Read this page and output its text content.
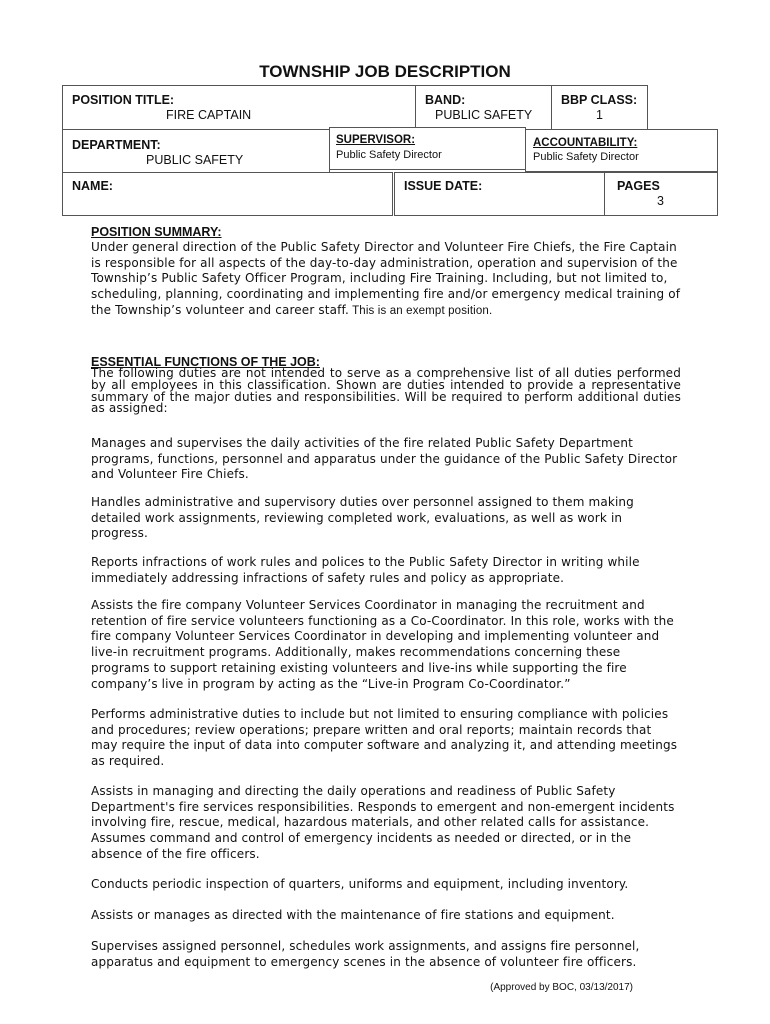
TOWNSHIP JOB DESCRIPTION
POSITION TITLE:
FIRE CAPTAIN
BAND:
PUBLIC SAFETY
BBP CLASS:
1
DEPARTMENT:
PUBLIC SAFETY
SUPERVISOR:
Public Safety Director
ACCOUNTABILITY:
Public Safety Director
NAME:	ISSUE DATE:	PAGES
3
POSITION SUMMARY:

Under general direction of the Public Safety Director and Volunteer Fire Chiefs, the Fire Captain is responsible for all aspects of the day-to-day administration, operation and supervision of the Township’s Public Safety Officer Program, including Fire Training. Including, but not limited to, scheduling, planning, coordinating and implementing fire and/or emergency medical training of the Township’s volunteer and career staff. This is an exempt position.

ESSENTIAL FUNCTIONS OF THE JOB:

The following duties are not intended to serve as a comprehensive list of all duties performed by all employees in this classification. Shown are duties intended to provide a representative summary of the major duties and responsibilities. Will be required to perform additional duties as assigned:

Manages and supervises the daily activities of the fire related Public Safety Department programs, functions, personnel and apparatus under the guidance of the Public Safety Director and Volunteer Fire Chiefs.

Handles administrative and supervisory duties over personnel assigned to them making detailed work assignments, reviewing completed work, evaluations, as well as work in progress.

Reports infractions of work rules and polices to the Public Safety Director in writing while immediately addressing infractions of safety rules and policy as appropriate.

Assists the fire company Volunteer Services Coordinator in managing the recruitment and retention of fire service volunteers functioning as a Co-Coordinator. In this role, works with the fire company Volunteer Services Coordinator in developing and implementing volunteer and live-in recruitment programs. Additionally, makes recommendations concerning these programs to support retaining existing volunteers and live-ins while supporting the fire company’s live in program by acting as the “Live-in Program Co-Coordinator.”

Performs administrative duties to include but not limited to ensuring compliance with policies and procedures; review operations; prepare written and oral reports; maintain records that may require the input of data into computer software and analyzing it, and attending meetings as required.

Assists in managing and directing the daily operations and readiness of Public Safety Department's fire services responsibilities. Responds to emergent and non-emergent incidents involving fire, rescue, medical, hazardous materials, and other related calls for assistance. Assumes command and control of emergency incidents as needed or directed, or in the absence of the fire officers.

Conducts periodic inspection of quarters, uniforms and equipment, including inventory.

Assists or manages as directed with the maintenance of fire stations and equipment.

Supervises assigned personnel, schedules work assignments, and assigns fire personnel, apparatus and equipment to emergency scenes in the absence of volunteer fire officers.

(Approved by BOC, 03/13/2017)
